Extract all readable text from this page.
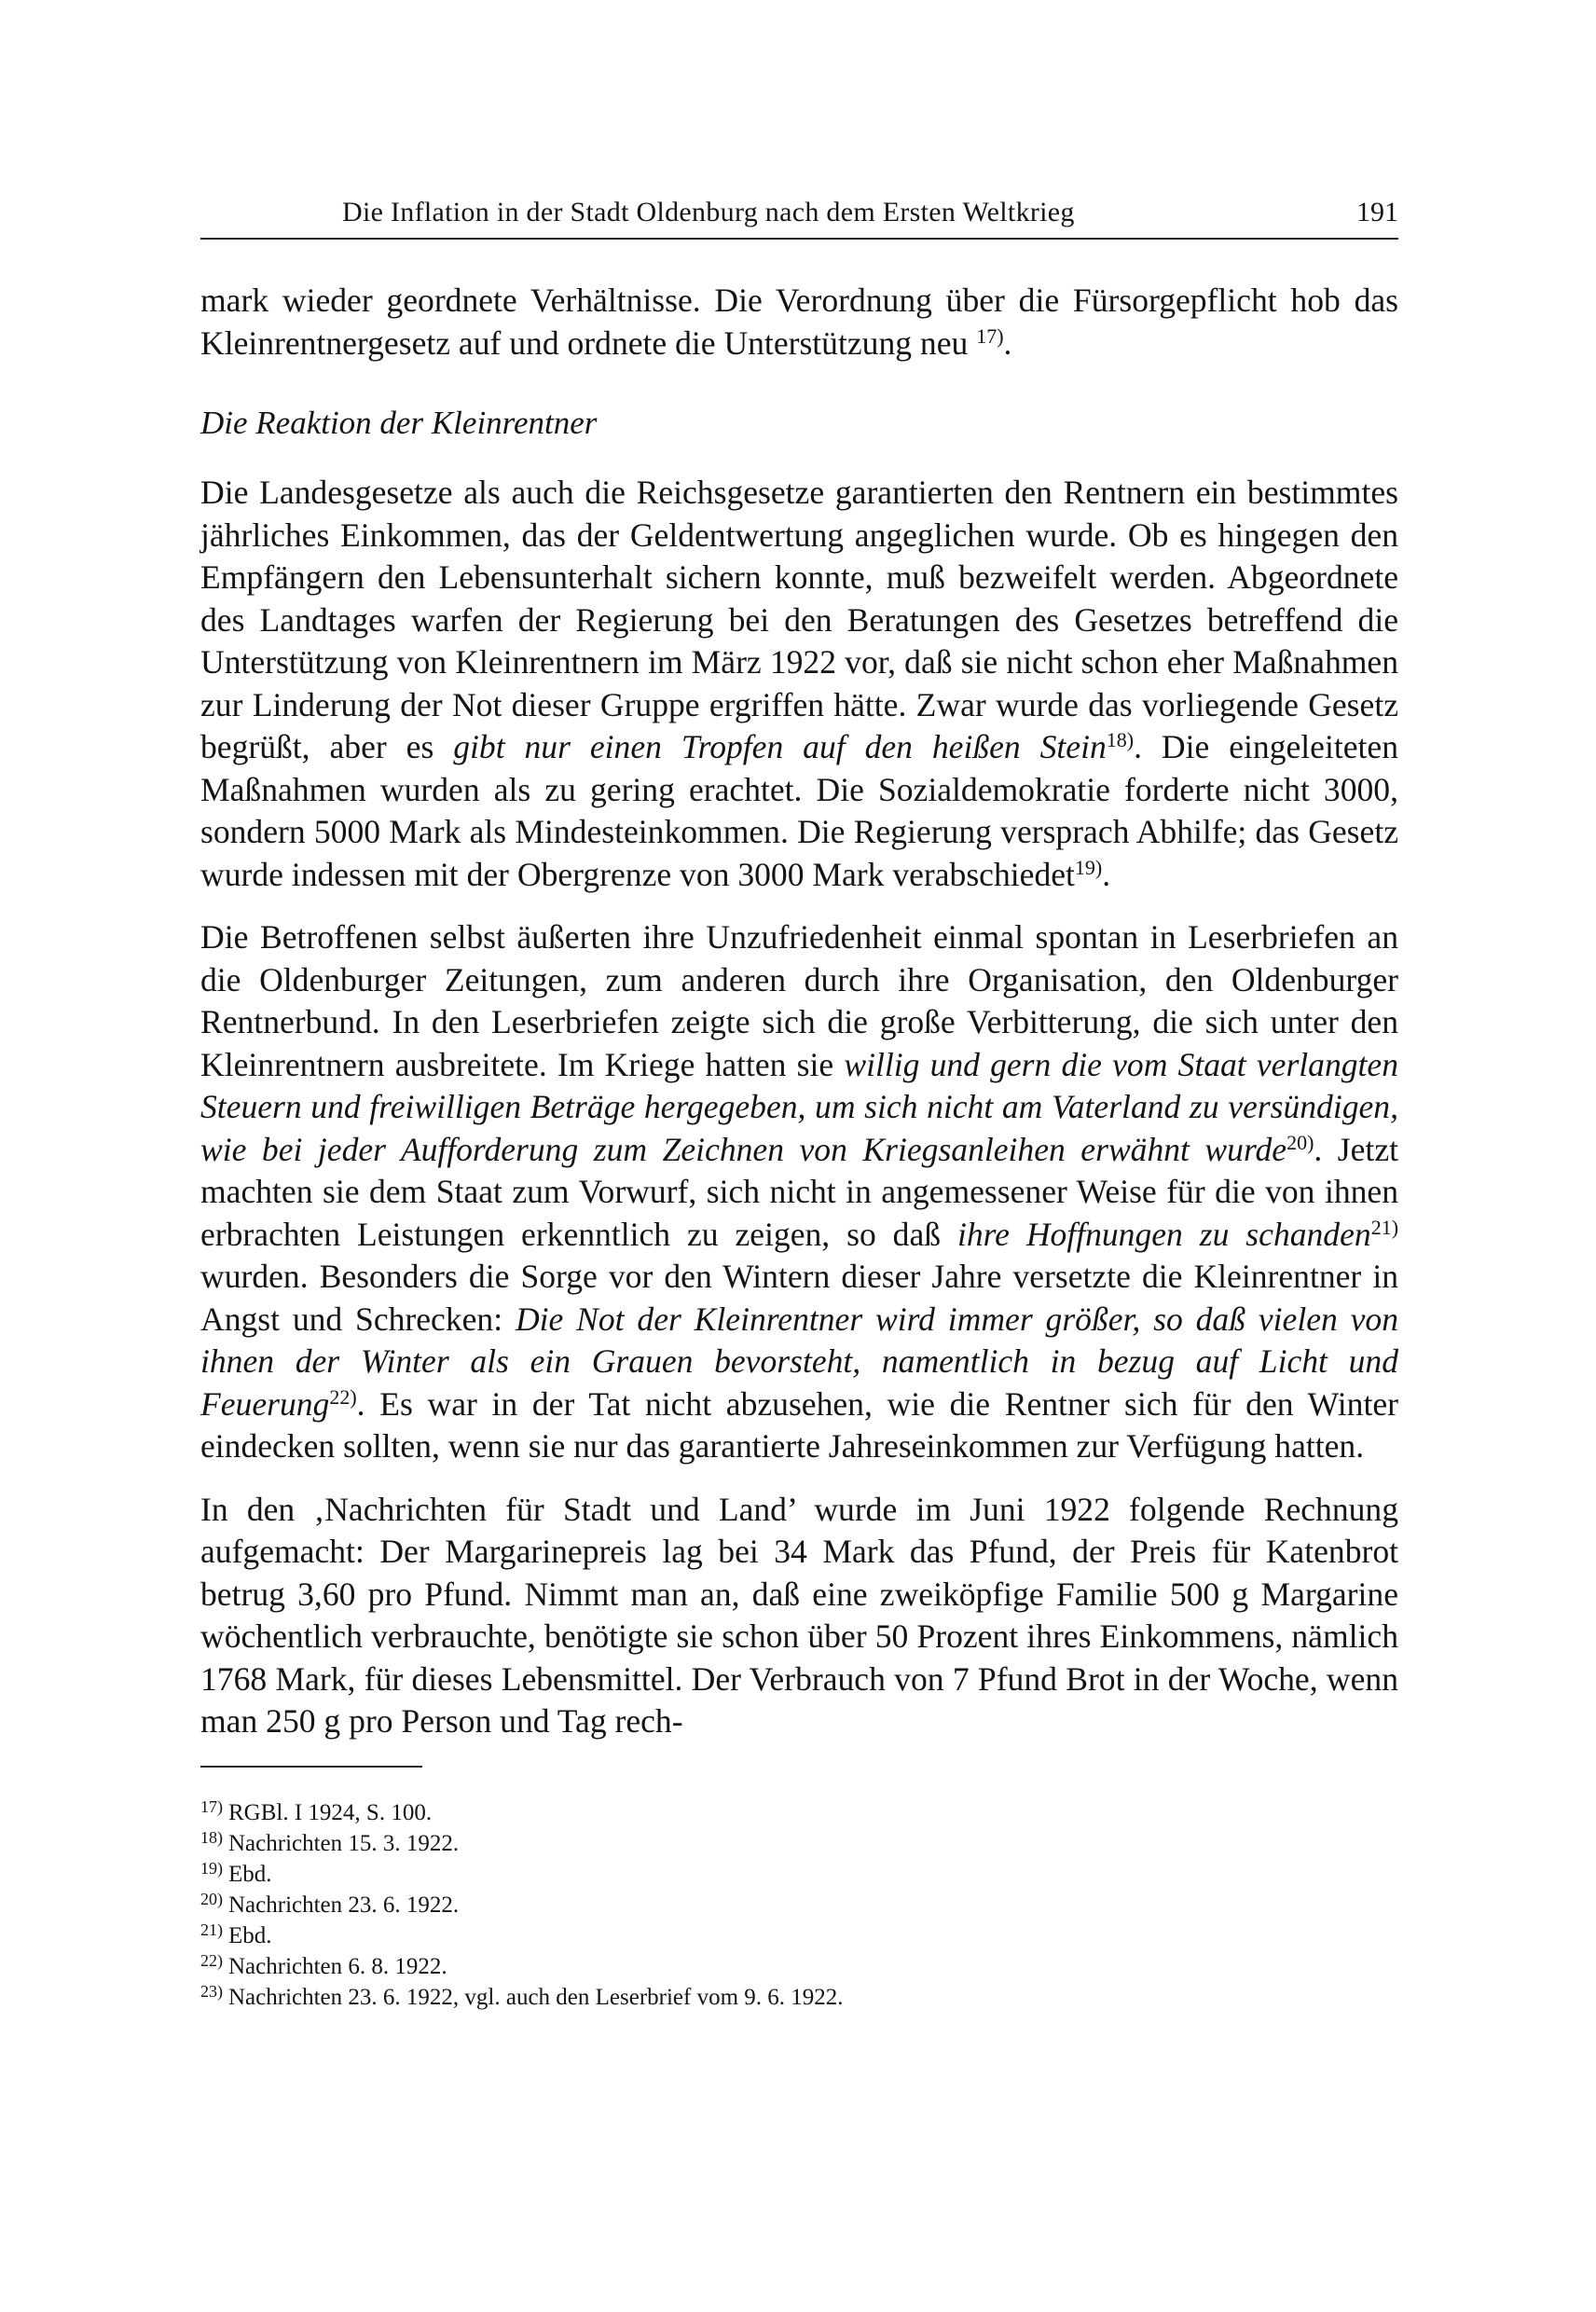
Die Inflation in der Stadt Oldenburg nach dem Ersten Weltkrieg	191

mark wieder geordnete Verhältnisse. Die Verordnung über die Fürsorgepflicht hob das Kleinrentnergesetz auf und ordnete die Unterstützung neu $^{17)}$.

Die Reaktion der Kleinrentner

Die Landesgesetze als auch die Reichsgesetze garantierten den Rentnern ein bestimmtes jährliches Einkommen, das der Geldentwertung angeglichen wurde. Ob es hingegen den Empfängern den Lebensunterhalt sichern konnte, muß bezweifelt werden. Abgeordnete des Landtages warfen der Regierung bei den Beratungen des Gesetzes betreffend die Unterstützung von Kleinrentnern im März 1922 vor, daß sie nicht schon eher Maßnahmen zur Linderung der Not dieser Gruppe ergriffen hätte. Zwar wurde das vorliegende Gesetz begrüßt, aber es gibt nur einen Tropfen auf den heißen Stein$^{18)}$. Die eingeleiteten Maßnahmen wurden als zu gering erachtet. Die Sozialdemokratie forderte nicht 3000, sondern 5000 Mark als Mindesteinkommen. Die Regierung versprach Abhilfe; das Gesetz wurde indessen mit der Obergrenze von 3000 Mark verabschiedet$^{19)}$.

Die Betroffenen selbst äußerten ihre Unzufriedenheit einmal spontan in Leserbriefen an die Oldenburger Zeitungen, zum anderen durch ihre Organisation, den Oldenburger Rentnerbund. In den Leserbriefen zeigte sich die große Verbitterung, die sich unter den Kleinrentnern ausbreitete. Im Kriege hatten sie willig und gern die vom Staat verlangten Steuern und freiwilligen Beträge hergegeben, um sich nicht am Vaterland zu versündigen, wie bei jeder Aufforderung zum Zeichnen von Kriegsanleihen erwähnt wurde$^{20)}$. Jetzt machten sie dem Staat zum Vorwurf, sich nicht in angemessener Weise für die von ihnen erbrachten Leistungen erkenntlich zu zeigen, so daß ihre Hoffnungen zu schanden$^{21)}$ wurden. Besonders die Sorge vor den Wintern dieser Jahre versetzte die Kleinrentner in Angst und Schrecken: Die Not der Kleinrentner wird immer größer, so daß vielen von ihnen der Winter als ein Grauen bevorsteht, namentlich in bezug auf Licht und Feuerung$^{22)}$. Es war in der Tat nicht abzusehen, wie die Rentner sich für den Winter eindecken sollten, wenn sie nur das garantierte Jahreseinkommen zur Verfügung hatten.

In den ‚Nachrichten für Stadt und Land’ wurde im Juni 1922 folgende Rechnung aufgemacht: Der Margarinepreis lag bei 34 Mark das Pfund, der Preis für Katenbrot betrug 3,60 pro Pfund. Nimmt man an, daß eine zweiköpfige Familie 500 g Margarine wöchentlich verbrauchte, benötigte sie schon über 50 Prozent ihres Einkommens, nämlich 1768 Mark, für dieses Lebensmittel. Der Verbrauch von 7 Pfund Brot in der Woche, wenn man 250 g pro Person und Tag rech-

$^{17)}$ RGBl. I 1924, S. 100.
$^{18)}$ Nachrichten 15. 3. 1922.
$^{19)}$ Ebd.
$^{20)}$ Nachrichten 23. 6. 1922.
$^{21)}$ Ebd.
$^{22)}$ Nachrichten 6. 8. 1922.
$^{23)}$ Nachrichten 23. 6. 1922, vgl. auch den Leserbrief vom 9. 6. 1922.
